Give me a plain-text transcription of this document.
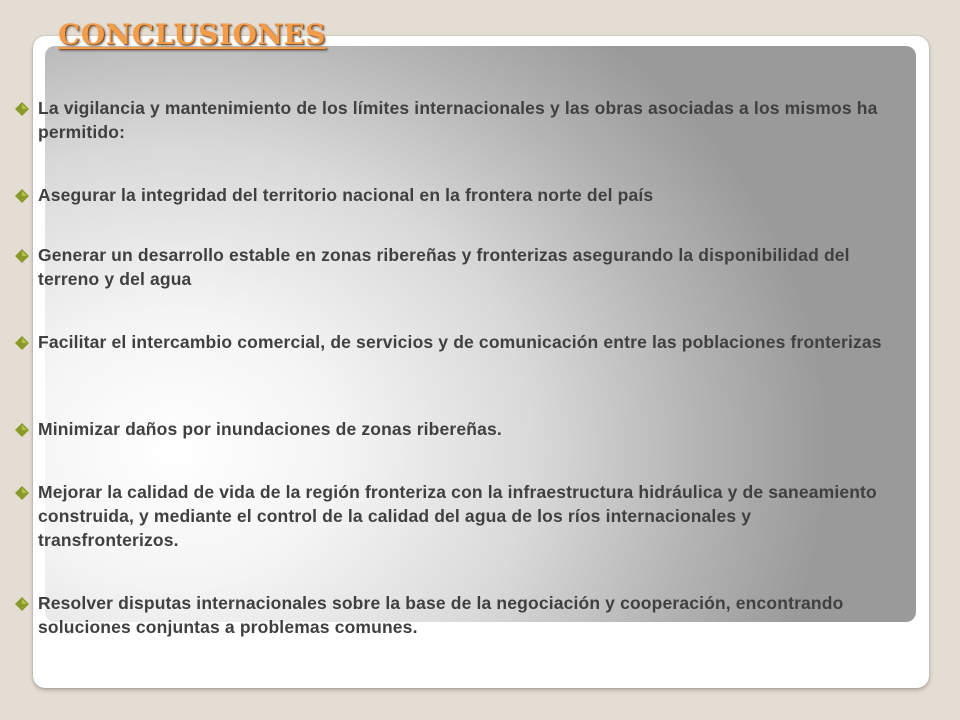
CONCLUSIONES
La vigilancia y mantenimiento de los límites internacionales y las obras asociadas a los mismos ha permitido:
Asegurar la integridad del territorio nacional en la frontera norte del país
Generar un desarrollo estable en zonas ribereñas y fronterizas asegurando la disponibilidad del terreno y del agua
Facilitar el intercambio comercial, de servicios y de comunicación entre las poblaciones fronterizas
Minimizar daños por inundaciones de zonas ribereñas.
Mejorar la calidad de vida de la región fronteriza con la infraestructura hidráulica y de saneamiento construida, y mediante el control de la calidad del agua de los ríos internacionales y transfronterizos.
Resolver disputas internacionales sobre la base de la negociación y cooperación, encontrando soluciones conjuntas a problemas comunes.
